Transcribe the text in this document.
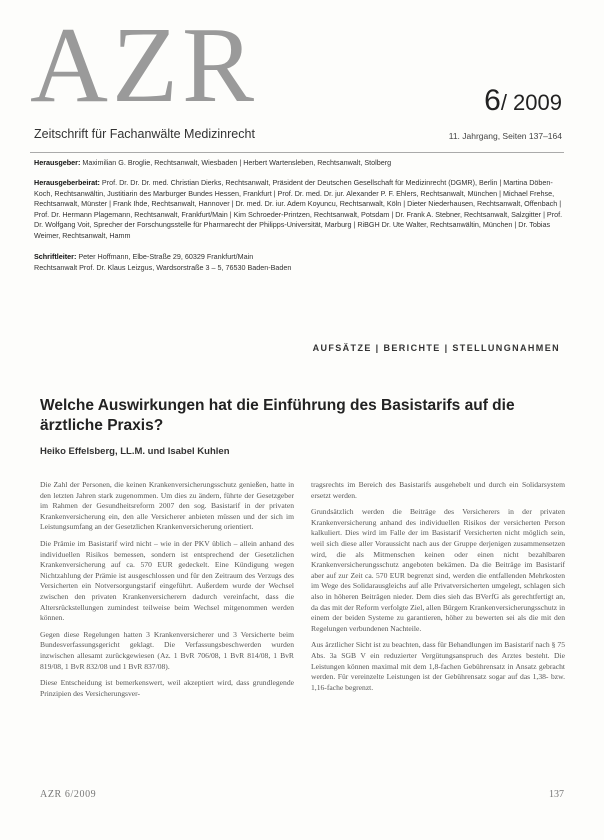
AZR	6/ 2009
Zeitschrift für Fachanwälte Medizinrecht	11. Jahrgang, Seiten 137–164
Herausgeber: Maximilian G. Broglie, Rechtsanwalt, Wiesbaden | Herbert Wartensleben, Rechtsanwalt, Stolberg
Herausgeberbeirat: Prof. Dr. Dr. Dr. med. Christian Dierks, Rechtsanwalt, Präsident der Deutschen Gesellschaft für Medizinrecht (DGMR), Berlin | Martina Döben-Koch, Rechtsanwältin, Justitiarin des Marburger Bundes Hessen, Frankfurt | Prof. Dr. med. Dr. jur. Alexander P. F. Ehlers, Rechtsanwalt, München | Michael Frehse, Rechtsanwalt, Münster | Frank Ihde, Rechtsanwalt, Hannover | Dr. med. Dr. iur. Adem Koyuncu, Rechtsanwalt, Köln | Dieter Niederhausen, Rechtsanwalt, Offenbach | Prof. Dr. Hermann Plagemann, Rechtsanwalt, Frankfurt/Main | Kim Schroeder-Printzen, Rechtsanwalt, Potsdam | Dr. Frank A. Stebner, Rechtsanwalt, Salzgitter | Prof. Dr. Wolfgang Voit, Sprecher der Forschungsstelle für Pharmarecht der Philipps-Universität, Marburg | RiBGH Dr. Ute Walter, Rechtsanwältin, München | Dr. Tobias Weimer, Rechtsanwalt, Hamm
Schriftleiter: Peter Hoffmann, Elbe-Straße 29, 60329 Frankfurt/Main
Rechtsanwalt Prof. Dr. Klaus Leizgus, Wardsorstraße 3 – 5, 76530 Baden-Baden
AUFSÄTZE | BERICHTE | STELLUNGNAHMEN
Welche Auswirkungen hat die Einführung des Basistarifs auf die ärztliche Praxis?
Heiko Effelsberg, LL.M. und Isabel Kuhlen

Die Zahl der Personen, die keinen Krankenversicherungsschutz genießen, hatte in den letzten Jahren stark zugenommen. Um dies zu ändern, führte der Gesetzgeber im Rahmen der Gesundheitsreform 2007 den sog. Basistarif in der privaten Krankenversicherung ein, den alle Versicherer anbieten müssen und der sich im Leistungsumfang an der Gesetzlichen Krankenversicherung orientiert.

Die Prämie im Basistarif wird nicht – wie in der PKV üblich – allein anhand des individuellen Risikos bemessen, sondern ist entsprechend der Gesetzlichen Krankenversicherung auf ca. 570 EUR gedeckelt. Eine Kündigung wegen Nichtzahlung der Prämie ist ausgeschlossen und für den Zeitraum des Verzugs des Versicherten ein Notversorgungstarif eingeführt. Außerdem wurde der Wechsel zwischen den privaten Krankenversicherern dadurch vereinfacht, dass die Altersrückstellungen zumindest teilweise beim Wechsel mitgenommen werden können.

Gegen diese Regelungen hatten 3 Krankenversicherer und 3 Versicherte beim Bundesverfassungsgericht geklagt. Die Verfassungsbeschwerden wurden inzwischen allesamt zurückgewiesen (Az. 1 BvR 706/08, 1 BvR 814/08, 1 BvR 819/08, 1 BvR 832/08 und 1 BvR 837/08).

Diese Entscheidung ist bemerkenswert, weil akzeptiert wird, dass grundlegende Prinzipien des Versicherungsver-

tragsrechts im Bereich des Basistarifs ausgehebelt und durch ein Solidarsystem ersetzt werden.

Grundsätzlich werden die Beiträge des Versicherers in der privaten Krankenversicherung anhand des individuellen Risikos der versicherten Person kalkuliert. Dies wird im Falle der im Basistarif Versicherten nicht möglich sein, weil sich diese aller Voraussicht nach aus der Gruppe derjenigen zusammensetzen wird, die als Mitmenschen keinen oder einen nicht bezahlbaren Krankenversicherungsschutz angeboten bekämen. Da die Beiträge im Basistarif aber auf zur Zeit ca. 570 EUR begrenzt sind, werden die entfallenden Mehrkosten im Wege des Solidarausgleichs auf alle Privatversicherten umgelegt, schlagen sich also in höheren Beiträgen nieder. Dem dies sieh das BVerfG als gerechtfertigt an, da das mit der Reform verfolgte Ziel, allen Bürgern Krankenversicherungsschutz in einem der beiden Systeme zu garantieren, höher zu bewerten sei als die mit den Regelungen verbundenen Nachteile.

Aus ärztlicher Sicht ist zu beachten, dass für Behandlungen im Basistarif nach § 75 Abs. 3a SGB V ein reduzierter Vergütungsanspruch des Arztes besteht. Die Leistungen können maximal mit dem 1,8-fachen Gebührensatz in Ansatz gebracht werden. Für vereinzelte Leistungen ist der Gebührensatz sogar auf das 1,38- bzw. 1,16-fache begrenzt.

AZR 6/2009	137
